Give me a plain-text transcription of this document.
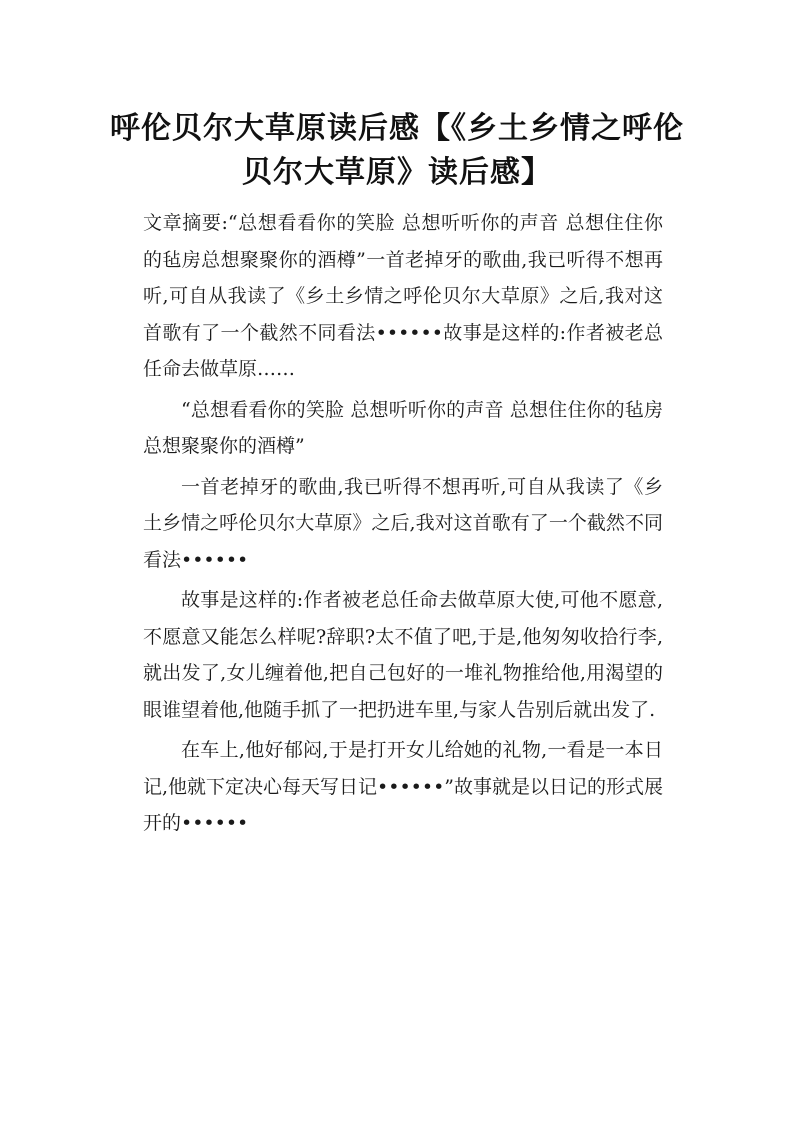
呼伦贝尔大草原读后感【《乡土乡情之呼伦贝尔大草原》读后感】

文章摘要:“总想看看你的笑脸 总想听听你的声音 总想住住你的毡房总想聚聚你的酒樽”一首老掉牙的歌曲,我已听得不想再听,可自从我读了《乡土乡情之呼伦贝尔大草原》之后,我对这首歌有了一个截然不同看法••••••故事是这样的:作者被老总任命去做草原……

“总想看看你的笑脸 总想听听你的声音 总想住住你的毡房总想聚聚你的酒樽”

一首老掉牙的歌曲,我已听得不想再听,可自从我读了《乡土乡情之呼伦贝尔大草原》之后,我对这首歌有了一个截然不同看法••••••

故事是这样的:作者被老总任命去做草原大使,可他不愿意,不愿意又能怎么样呢?辞职?太不值了吧,于是,他匆匆收拾行李,就出发了,女儿缠着他,把自己包好的一堆礼物推给他,用渴望的眼谁望着他,他随手抓了一把扔进车里,与家人告别后就出发了.

在车上,他好郁闷,于是打开女儿给她的礼物,一看是一本日记,他就下定决心每天写日记••••••”故事就是以日记的形式展开的••••••
